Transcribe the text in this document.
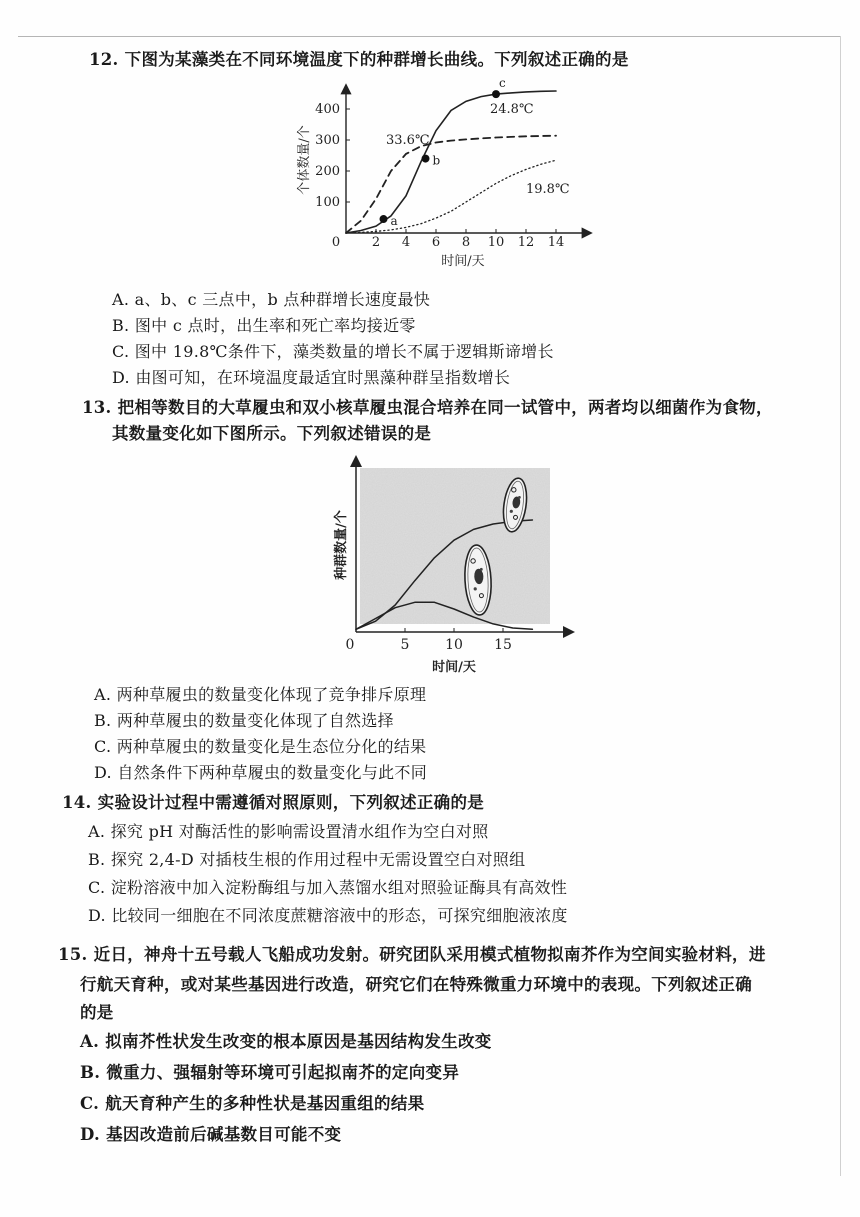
12. 下图为某藻类在不同环境温度下的种群增长曲线。下列叙述正确的是
0 2 4 6 8 10 12 14
100
200
300
400
个体数量/个
时间/天
24.8℃
33.6℃
19.8℃
a
b
c
A. a、b、c 三点中，b 点种群增长速度最快
B. 图中 c 点时，出生率和死亡率均接近零
C. 图中 19.8℃条件下，藻类数量的增长不属于逻辑斯谛增长
D. 由图可知，在环境温度最适宜时黑藻种群呈指数增长
13. 把相等数目的大草履虫和双小核草履虫混合培养在同一试管中，两者均以细菌作为食物，
其数量变化如下图所示。下列叙述错误的是
0	5	10 15
种群数量/个
时间/天
A. 两种草履虫的数量变化体现了竞争排斥原理
B. 两种草履虫的数量变化体现了自然选择
C. 两种草履虫的数量变化是生态位分化的结果
D. 自然条件下两种草履虫的数量变化与此不同
14. 实验设计过程中需遵循对照原则，下列叙述正确的是
A. 探究 pH 对酶活性的影响需设置清水组作为空白对照
B. 探究 2,4-D 对插枝生根的作用过程中无需设置空白对照组
C. 淀粉溶液中加入淀粉酶组与加入蒸馏水组对照验证酶具有高效性
D. 比较同一细胞在不同浓度蔗糖溶液中的形态，可探究细胞液浓度
15. 近日，神舟十五号载人飞船成功发射。研究团队采用模式植物拟南芥作为空间实验材料，进
行航天育种，或对某些基因进行改造，研究它们在特殊微重力环境中的表现。下列叙述正确
的是
A. 拟南芥性状发生改变的根本原因是基因结构发生改变
B. 微重力、强辐射等环境可引起拟南芥的定向变异
C. 航天育种产生的多种性状是基因重组的结果
D. 基因改造前后碱基数目可能不变
